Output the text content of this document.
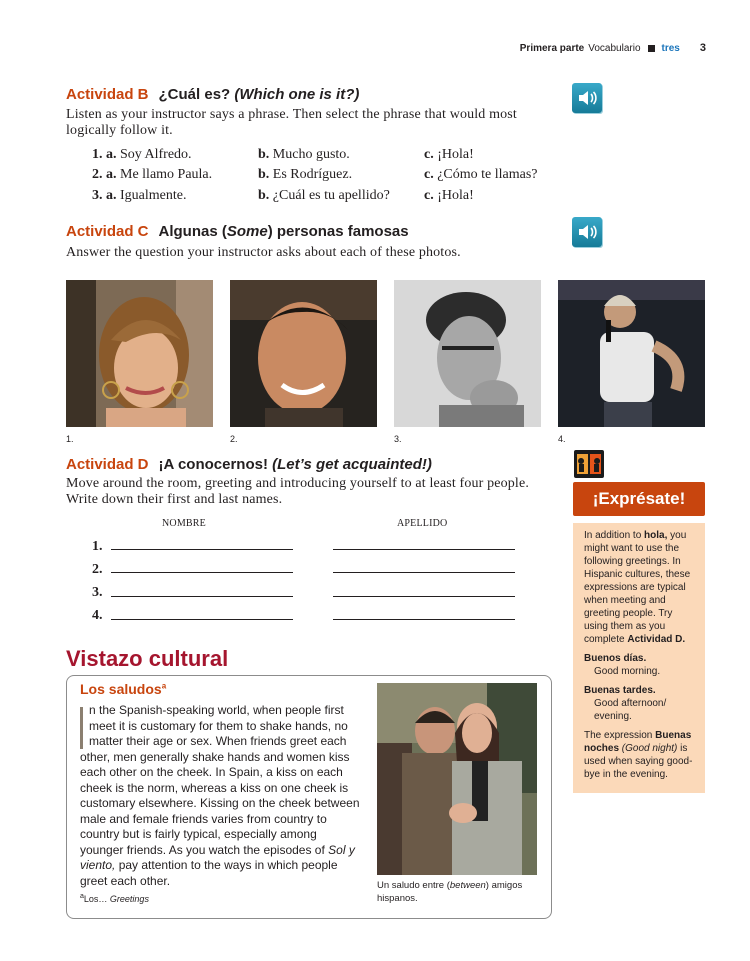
Primera parte Vocabulario tres 3
Actividad B ¿Cuál es? (Which one is it?)
Listen as your instructor says a phrase. Then select the phrase that would most logically follow it.
1. a. Soy Alfredo.	b. Mucho gusto.	c. ¡Hola!
2. a. Me llamo Paula.	b. Es Rodríguez.	c. ¿Cómo te llamas?
3. a. Igualmente.	b. ¿Cuál es tu apellido? c. ¡Hola!
Actividad C Algunas (Some) personas famosas
Answer the question your instructor asks about each of these photos.
1.	2.	3.	4.
Actividad D ¡A conocernos! (Let’s get acquainted!)
Move around the room, greeting and introducing yourself to at least four people. Write down their first and last names.
NOMBRE	APELLIDO
1.
2.
3.
4.
¡Exprésate!

In addition to hola, you might want to use the following greetings. In Hispanic cultures, these expressions are typical when meeting and greeting people. Try using them as you complete Actividad D.

Buenos días.

Good morning.

Buenas tardes.

Good afternoon/ evening.

The expression Buenas noches (Good night) is used when saying good-bye in the evening.

Vistazo cultural
Los saludos$^a$

n the Spanish-speaking world, when people first meet it is customary for them to shake hands, no matter their age or sex. When friends greet each other, men generally shake hands and women kiss each other on the cheek. In Spain, a kiss on each cheek is the norm, whereas a kiss on one cheek is customary elsewhere. Kissing on the cheek between male and female friends varies from country to country but is fairly typical, especially among younger friends. As you watch the episodes of Sol y viento, pay attention to the ways in which people greet each other.

$^a$Los… Greetings
Un saludo entre (between) amigos hispanos.
